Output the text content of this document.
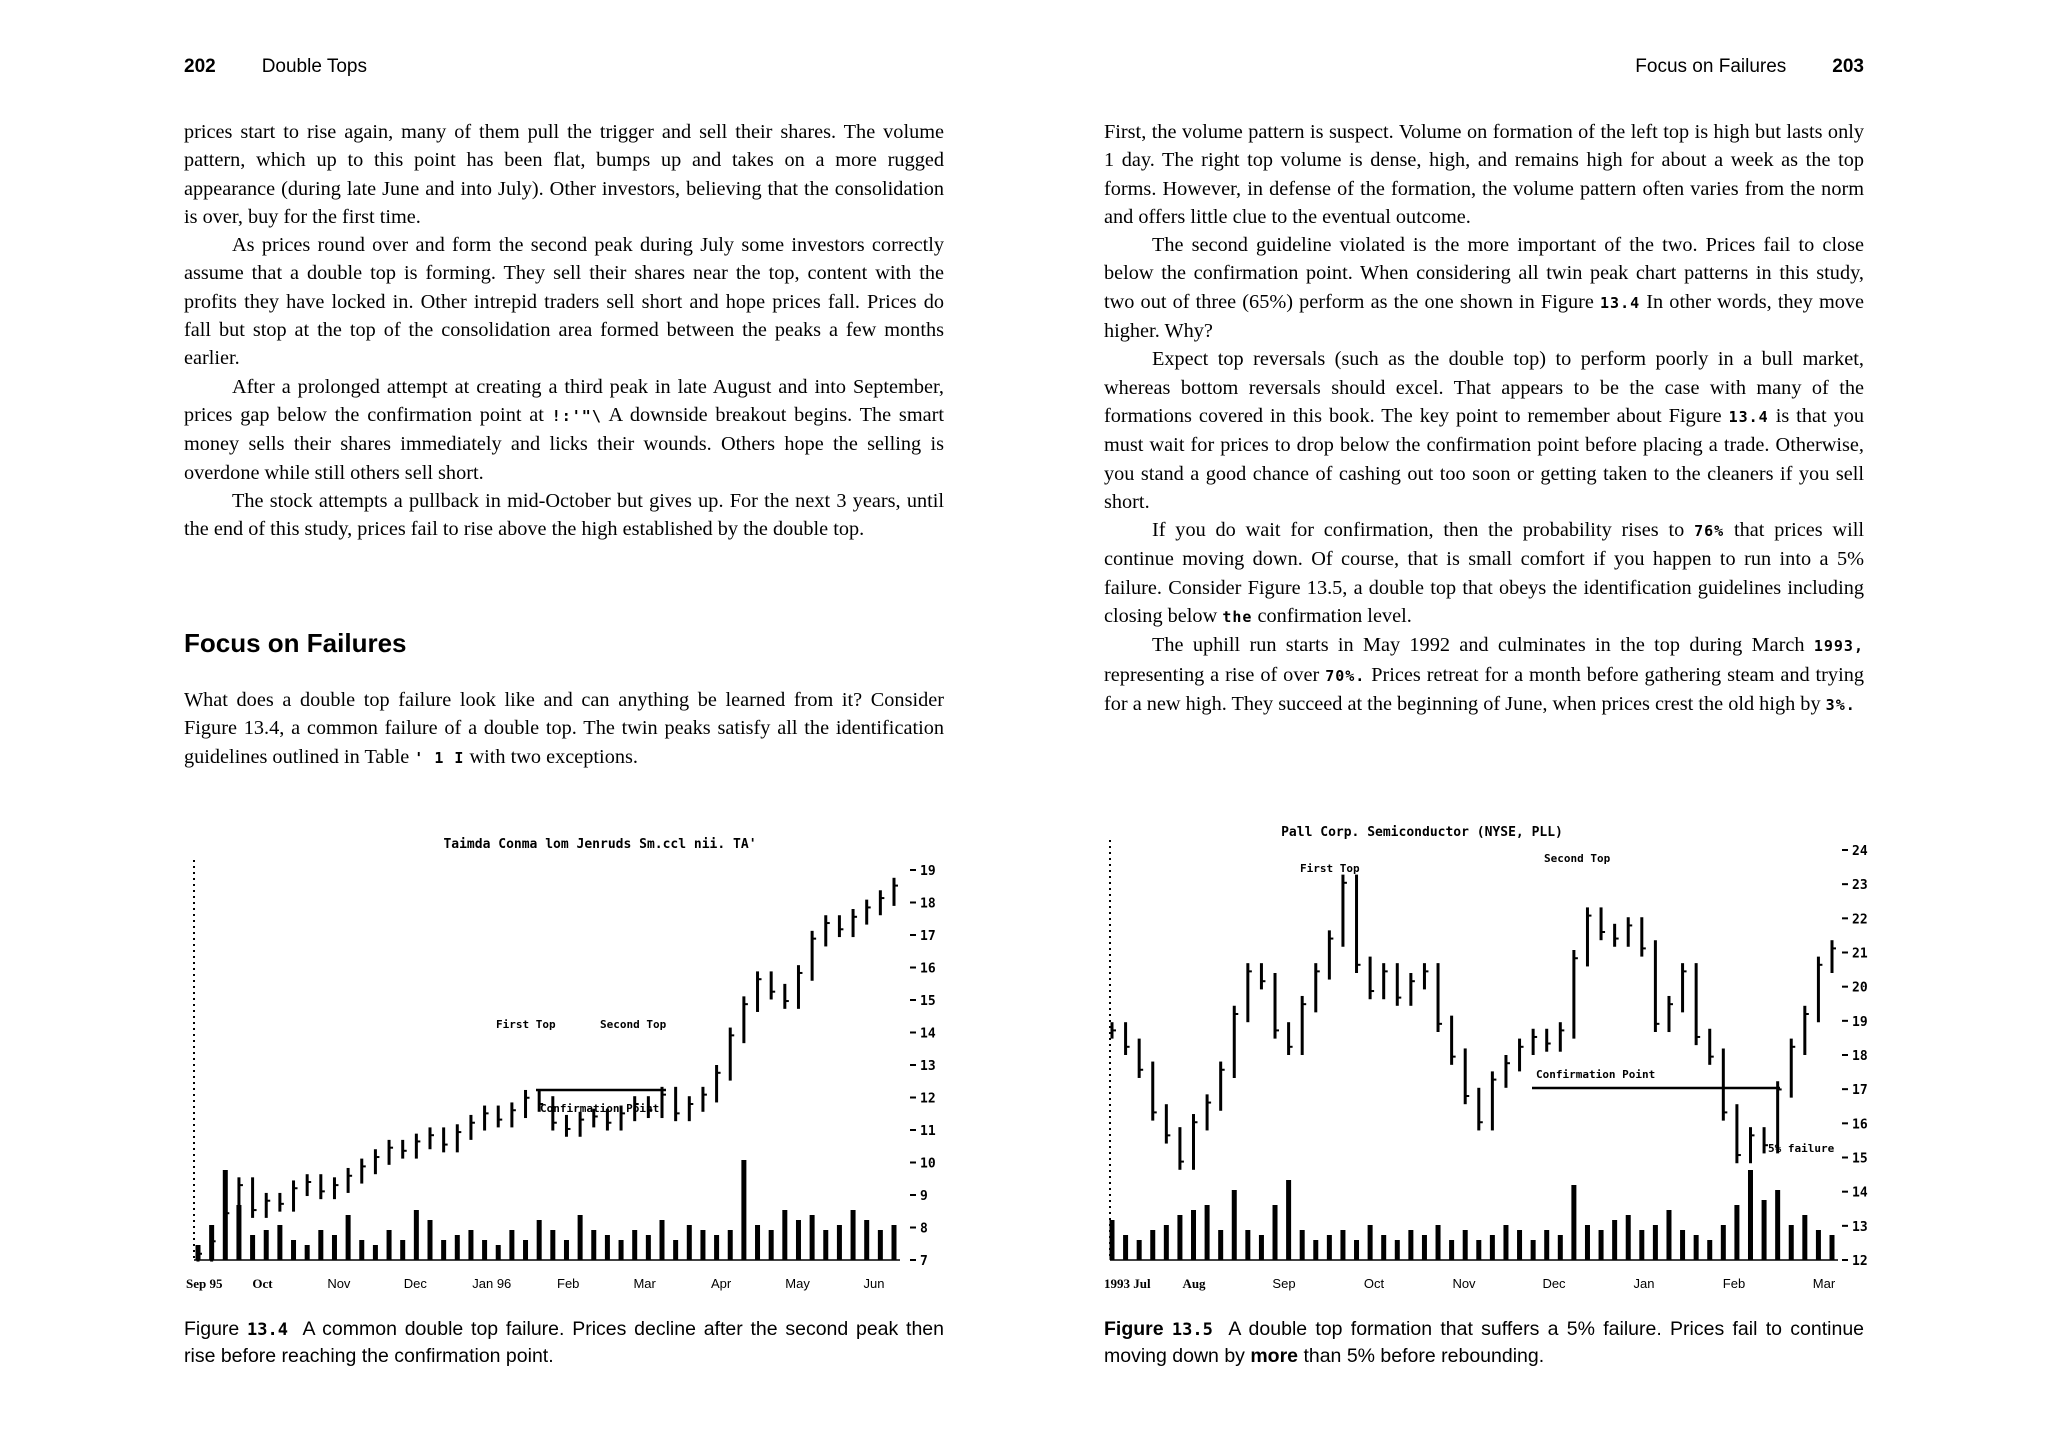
202 Double Tops

prices start to rise again, many of them pull the trigger and sell their shares. The volume pattern, which up to this point has been flat, bumps up and takes on a more rugged appearance (during late June and into July). Other investors, believing that the consolidation is over, buy for the first time.

As prices round over and form the second peak during July some investors correctly assume that a double top is forming. They sell their shares near the top, content with the profits they have locked in. Other intrepid traders sell short and hope prices fall. Prices do fall but stop at the top of the consolidation area formed between the peaks a few months earlier.

After a prolonged attempt at creating a third peak in late August and into September, prices gap below the confirmation point at !:'"\ A downside breakout begins. The smart money sells their shares immediately and licks their wounds. Others hope the selling is overdone while still others sell short.

The stock attempts a pullback in mid-October but gives up. For the next 3 years, until the end of this study, prices fail to rise above the high established by the double top.

Focus on Failures

What does a double top failure look like and can anything be learned from it? Consider Figure 13.4, a common failure of a double top. The twin peaks satisfy all the identification guidelines outlined in Table ' 1 I with two exceptions.

Taimda Conma lom Jenruds Sm.ccl nii. TA'
First Top	Second Top
Confirmation Point
19
18
17
16
15
14
13
12
11
10
9
8
7
Sep 95 Oct	Nov	Dec	Jan 96	Feb	Mar	Apr	May	Jun
Figure 13.4 A common double top failure. Prices decline after the second peak then rise before reaching the confirmation point.
Focus on Failures 203

First, the volume pattern is suspect. Volume on formation of the left top is high but lasts only 1 day. The right top volume is dense, high, and remains high for about a week as the top forms. However, in defense of the formation, the volume pattern often varies from the norm and offers little clue to the eventual outcome.

The second guideline violated is the more important of the two. Prices fail to close below the confirmation point. When considering all twin peak chart patterns in this study, two out of three (65%) perform as the one shown in Figure 13.4 In other words, they move higher. Why?

Expect top reversals (such as the double top) to perform poorly in a bull market, whereas bottom reversals should excel. That appears to be the case with many of the formations covered in this book. The key point to remember about Figure 13.4 is that you must wait for prices to drop below the confirmation point before placing a trade. Otherwise, you stand a good chance of cashing out too soon or getting taken to the cleaners if you sell short.

If you do wait for confirmation, then the probability rises to 76% that prices will continue moving down. Of course, that is small comfort if you happen to run into a 5% failure. Consider Figure 13.5, a double top that obeys the identification guidelines including closing below the confirmation level.

The uphill run starts in May 1992 and culminates in the top during March 1993, representing a rise of over 70%. Prices retreat for a month before gathering steam and trying for a new high. They succeed at the beginning of June, when prices crest the old high by 3%.

Pall Corp. Semiconductor (NYSE, PLL)
First Top
Second Top
Confirmation Point
5% failure
24
23
22
21
20
19
18
17
16
15
14
13
12
1993 Jul Aug	Sep	Oct	Nov	Dec	Jan	Feb	Mar
Figure 13.5 A double top formation that suffers a 5% failure. Prices fail to continue moving down by more than 5% before rebounding.
